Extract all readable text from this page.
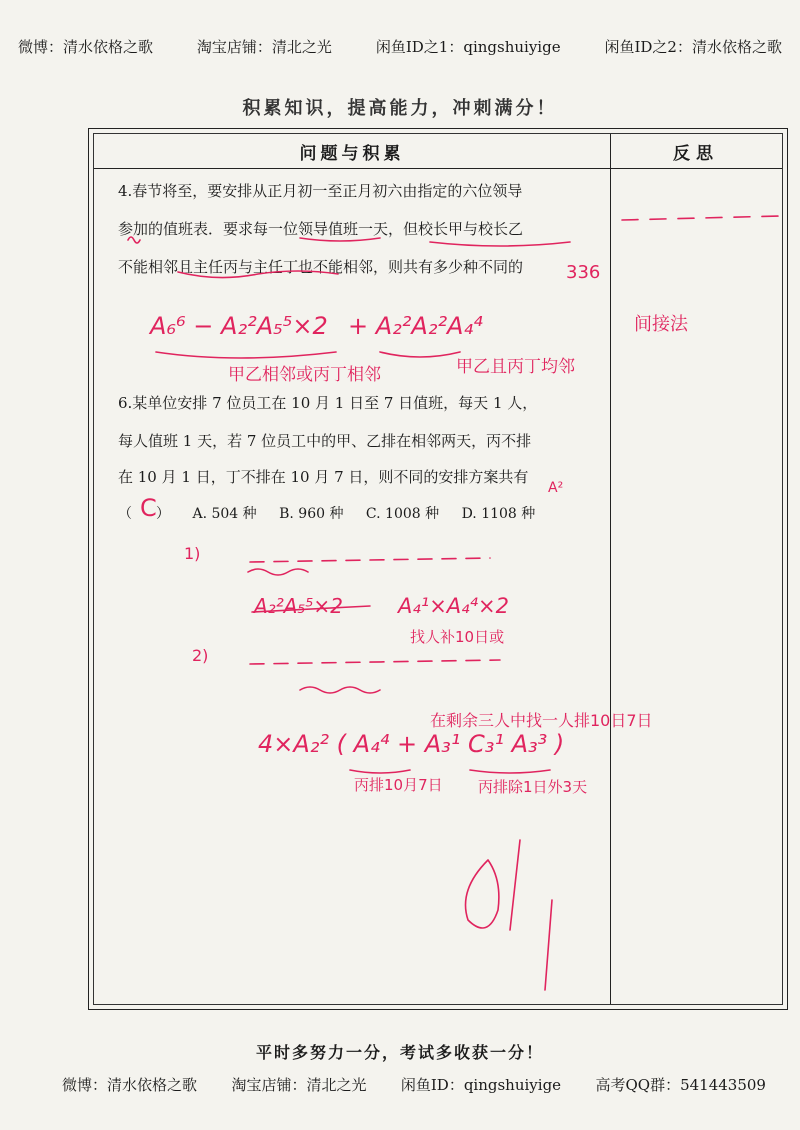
微博：清水依格之歌	淘宝店铺：清北之光	闲鱼ID之1：qingshuiyige	闲鱼ID之2：清水依格之歌
积累知识，提高能力，冲刺满分！
问题与积累	反思
4.春节将至，要安排从正月初一至正月初六由指定的六位领导
参加的值班表．要求每一位领导值班一天，但校长甲与校长乙
不能相邻且主任丙与主任丁也不能相邻，则共有多少种不同的
6.某单位安排 7 位员工在 10 月 1 日至 7 日值班，每天 1 人，
每人值班 1 天，若 7 位员工中的甲、乙排在相邻两天，丙不排
在 10 月 1 日，丁不排在 10 月 7 日，则不同的安排方案共有
（ ） A. 504 种 B. 960 种 C. 1008 种 D. 1108 种
336
A₆⁶ − A₂²A₅⁵×2 + A₂²A₂²A₄⁴
甲乙相邻或丙丁相邻	甲乙且丙丁均邻
间接法
C
A²
1)
A₂²A₅⁵×2	A₄¹×A₄⁴×2
找人补10日或
2)
在剩余三人中找一人排10日7日
4×A₂² ( A₄⁴ + A₃¹ C₃¹ A₃³ )
丙排10月7日 丙排除1日外3天
平时多努力一分，考试多收获一分！
微博：清水依格之歌 淘宝店铺：清北之光 闲鱼ID：qingshuiyige 高考QQ群：541443509
